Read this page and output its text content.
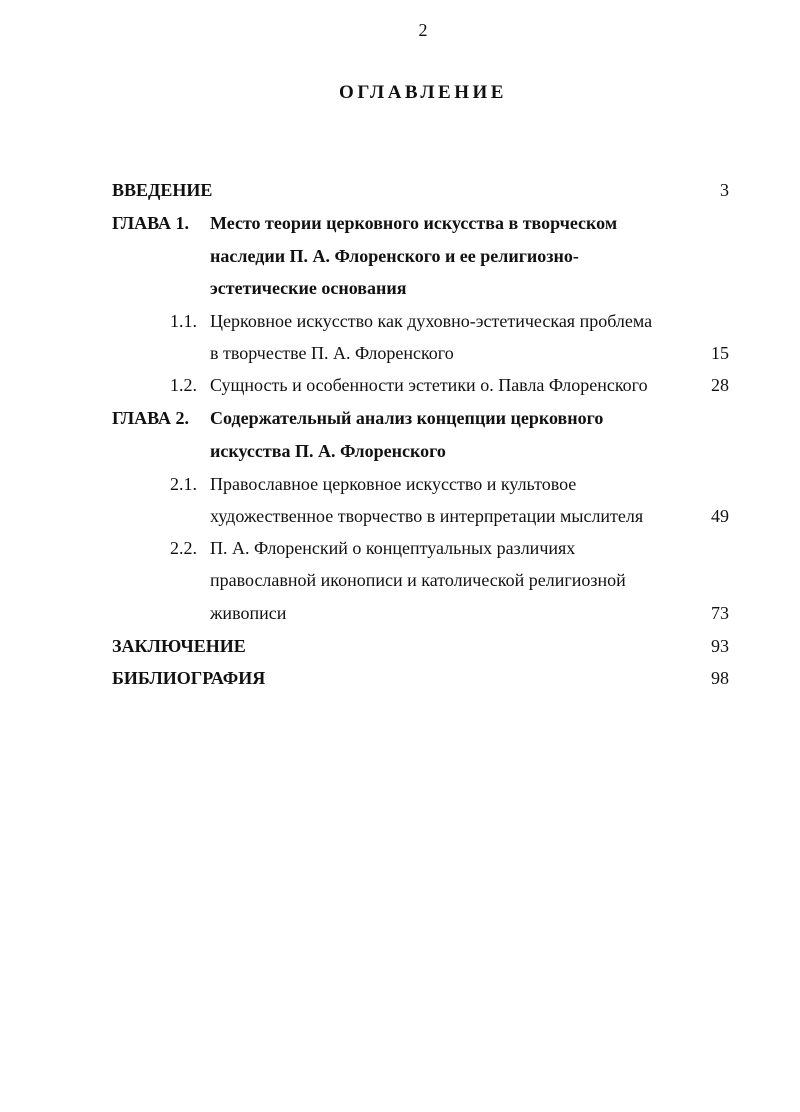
2
ОГЛАВЛЕНИЕ
ВВЕДЕНИЕ	3
ГЛАВА 1. Место теории церковного искусства в творческом
наследии П. А. Флоренского и ее религиозно-
эстетические основания
1.1. Церковное искусство как духовно-эстетическая проблема
в творчестве П. А. Флоренского	15
1.2. Сущность и особенности эстетики о. Павла Флоренского	28
ГЛАВА 2. Содержательный анализ концепции церковного
искусства П. А. Флоренского
2.1. Православное церковное искусство и культовое
художественное творчество в интерпретации мыслителя	49
2.2. П. А. Флоренский о концептуальных различиях
православной иконописи и католической религиозной
живописи	73
ЗАКЛЮЧЕНИЕ	93
БИБЛИОГРАФИЯ	98
